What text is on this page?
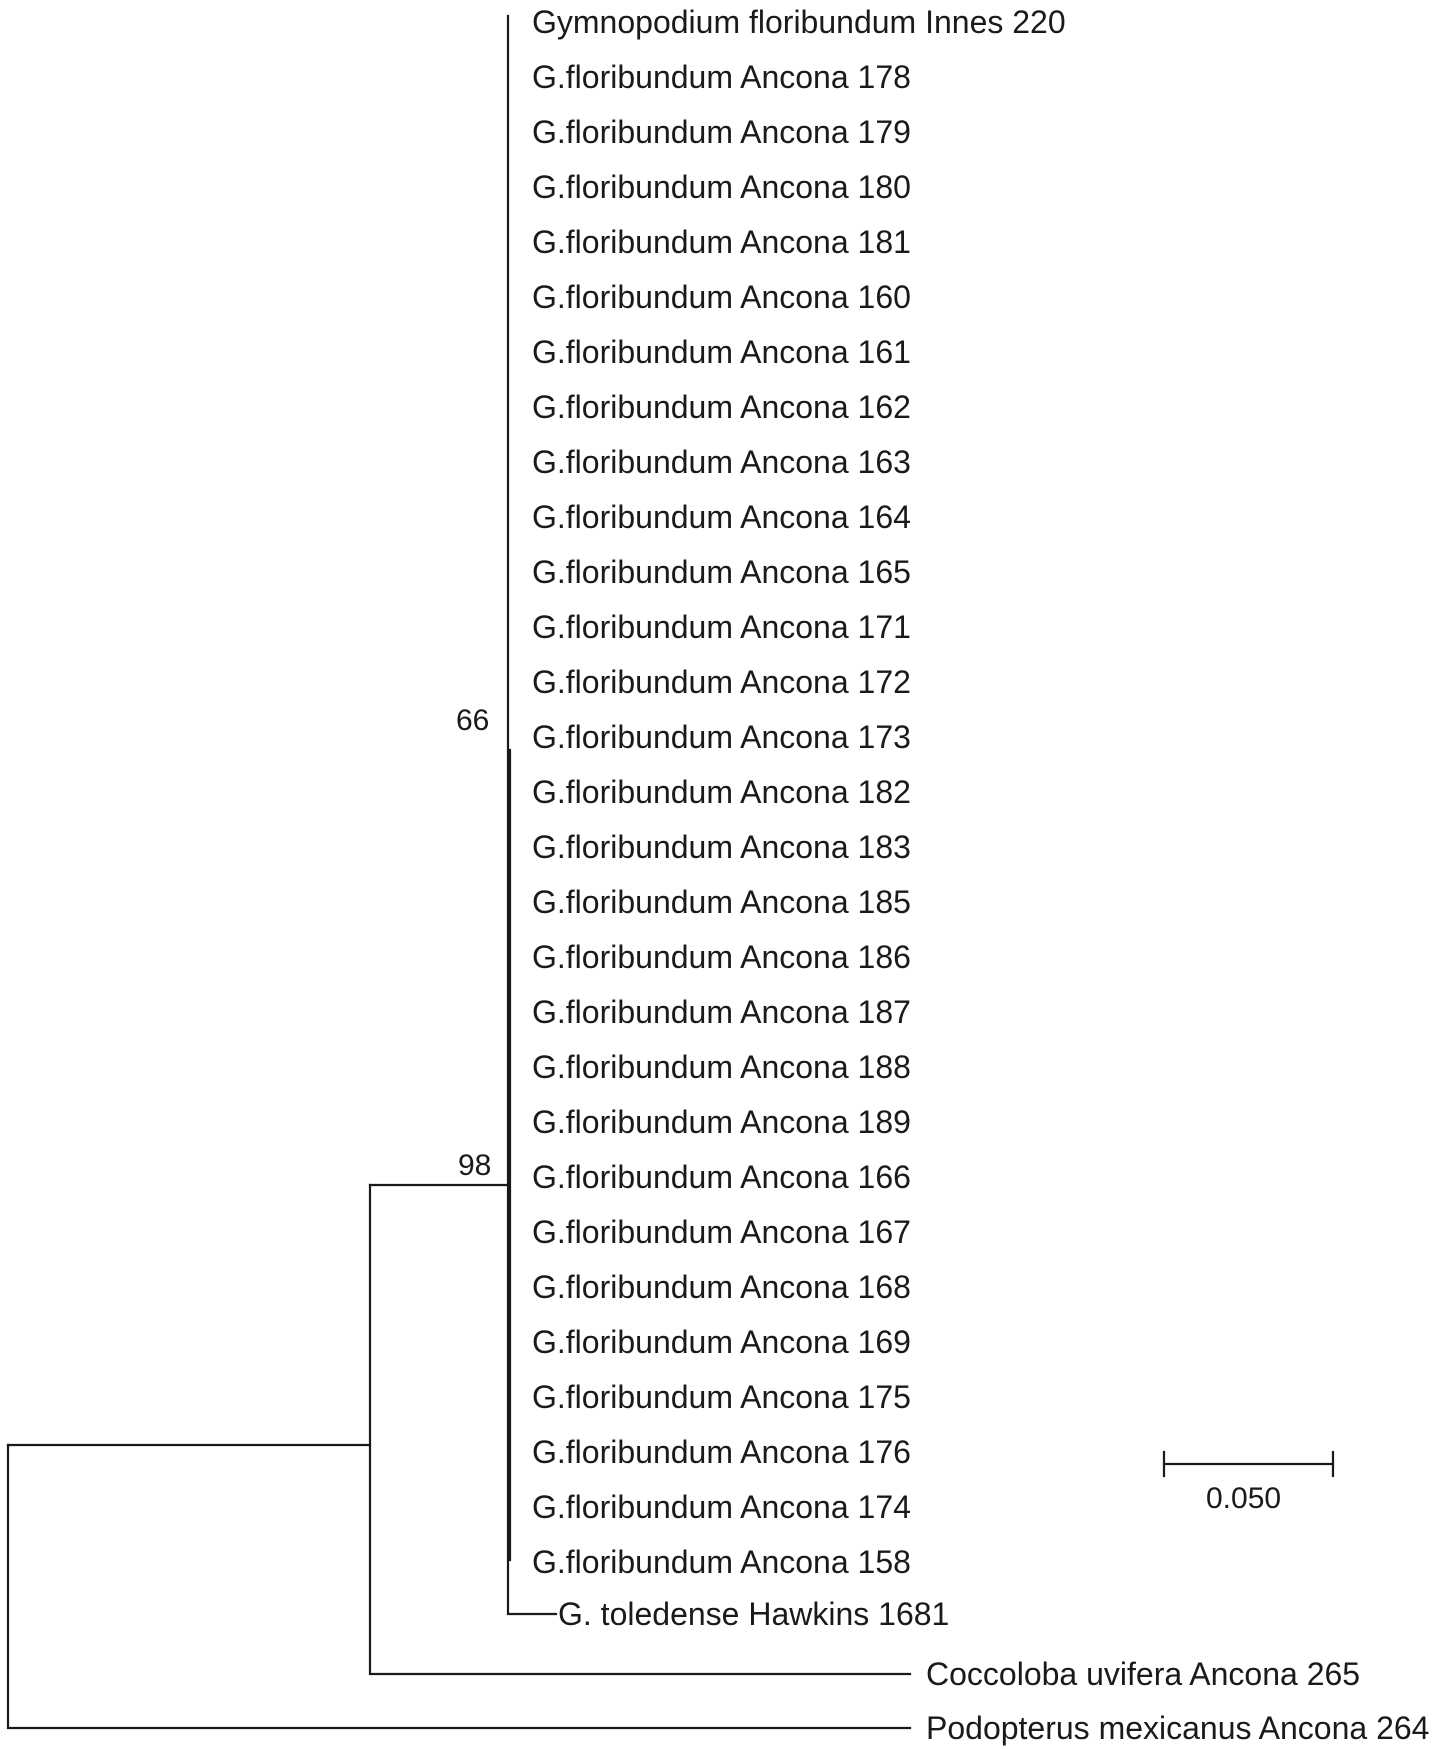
Gymnopodium floribundum Innes 220
G.floribundum Ancona 178
G.floribundum Ancona 179
G.floribundum Ancona 180
G.floribundum Ancona 181
G.floribundum Ancona 160
G.floribundum Ancona 161
G.floribundum Ancona 162
G.floribundum Ancona 163
G.floribundum Ancona 164
G.floribundum Ancona 165
G.floribundum Ancona 171
G.floribundum Ancona 172
G.floribundum Ancona 173
G.floribundum Ancona 182
G.floribundum Ancona 183
G.floribundum Ancona 185
G.floribundum Ancona 186
G.floribundum Ancona 187
G.floribundum Ancona 188
G.floribundum Ancona 189
G.floribundum Ancona 166
G.floribundum Ancona 167
G.floribundum Ancona 168
G.floribundum Ancona 169
G.floribundum Ancona 175
G.floribundum Ancona 176
G.floribundum Ancona 174
G.floribundum Ancona 158
G. toledense Hawkins 1681
Coccoloba uvifera Ancona 265
Podopterus mexicanus Ancona 264
66
98
0.050
